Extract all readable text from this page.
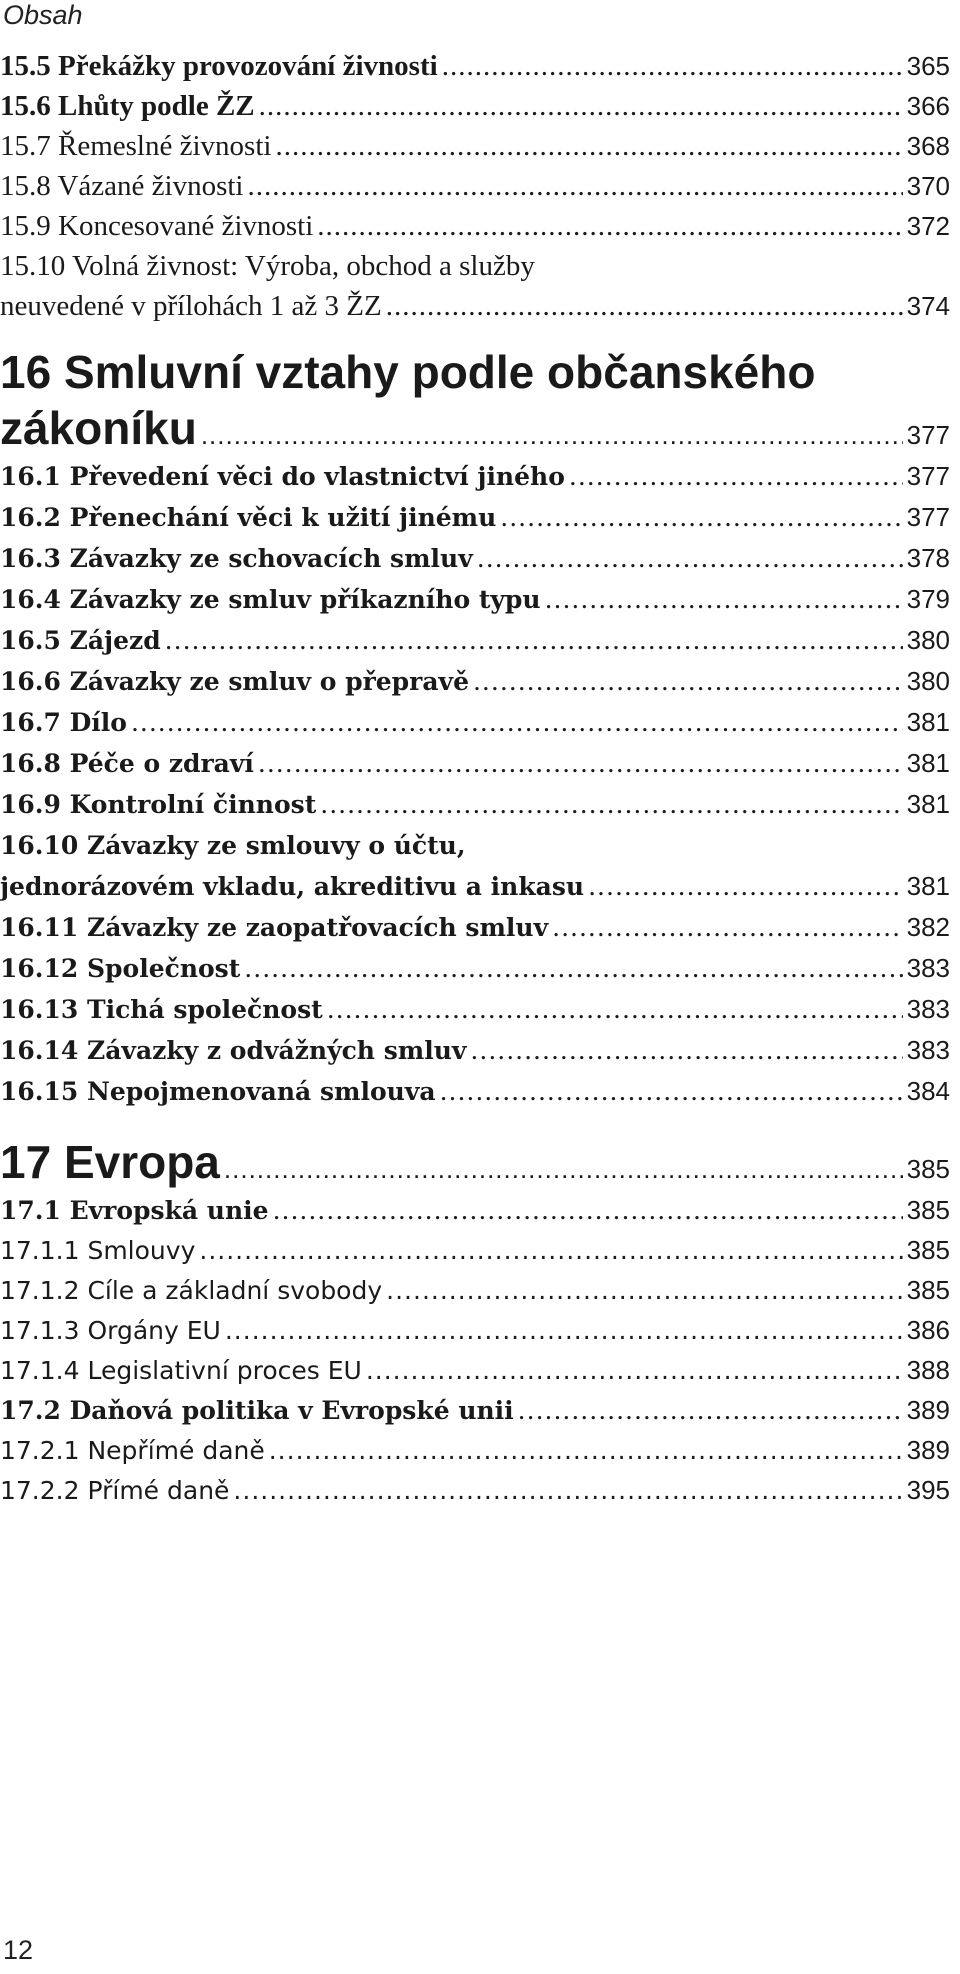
Obsah
15.5 Překážky provozování živnosti .....	365
15.6 Lhůty podle ŽZ .....	366
15.7 Řemeslné živnosti .....	368
15.8 Vázané živnosti .....	370
15.9 Koncesované živnosti .....	372
15.10 Volná živnost: Výroba, obchod a služby
neuvedené v přílohách 1 až 3 ŽZ .....	374
16 Smluvní vztahy podle občanského
zákoníku .....	377
16.1 Převedení věci do vlastnictví jiného .....	377
16.2 Přenechání věci k užití jinému .....	377
16.3 Závazky ze schovacích smluv .....	378
16.4 Závazky ze smluv příkazního typu .....	379
16.5 Zájezd .....	380
16.6 Závazky ze smluv o přepravě .....	380
16.7 Dílo .....	381
16.8 Péče o zdraví .....	381
16.9 Kontrolní činnost .....	381
16.10 Závazky ze smlouvy o účtu,
jednorázovém vkladu, akreditivu a inkasu .....	381
16.11 Závazky ze zaopatřovacích smluv .....	382
16.12 Společnost .....	383
16.13 Tichá společnost .....	383
16.14 Závazky z odvážných smluv .....	383
16.15 Nepojmenovaná smlouva .....	384
17 Evropa .....	385
17.1 Evropská unie .....	385
17.1.1 Smlouvy .....	385
17.1.2 Cíle a základní svobody .....	385
17.1.3 Orgány EU .....	386
17.1.4 Legislativní proces EU .....	388
17.2 Daňová politika v Evropské unii .....	389
17.2.1 Nepřímé daně .....	389
17.2.2 Přímé daně .....	395
12
